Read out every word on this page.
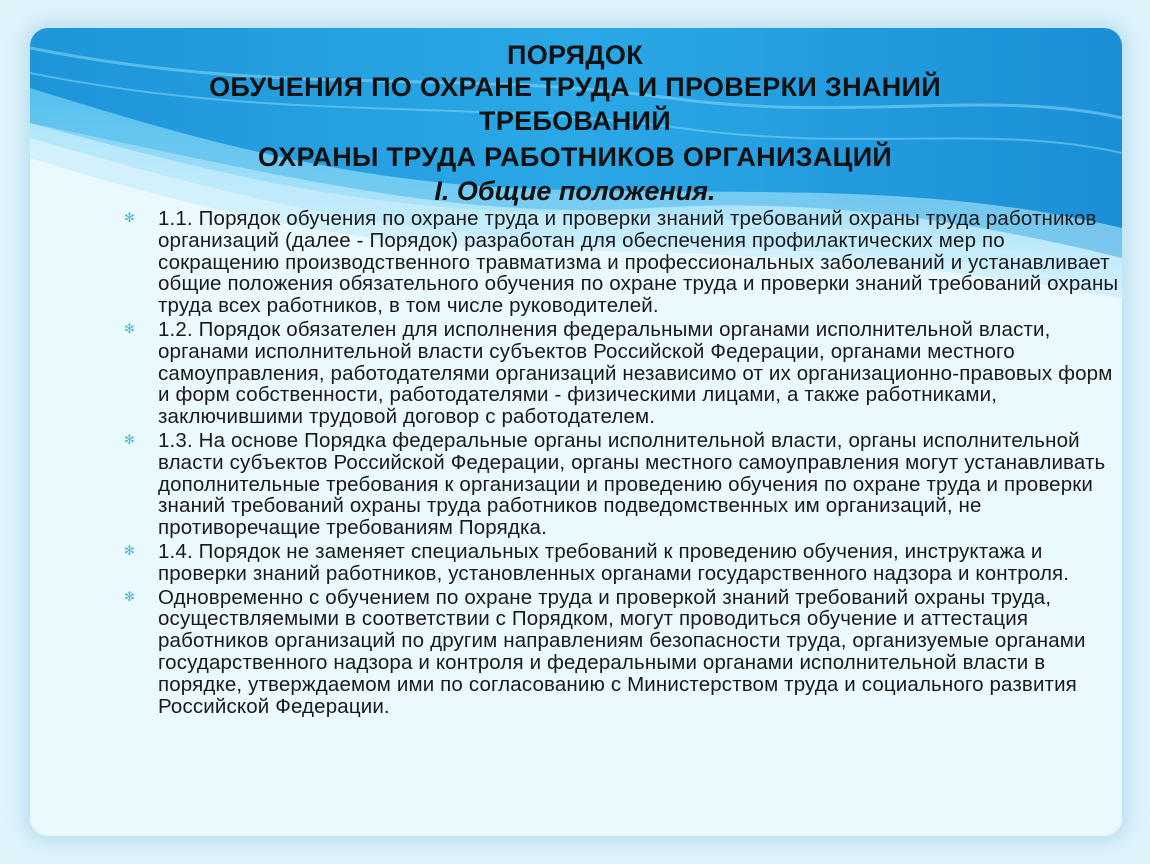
ПОРЯДОК
ОБУЧЕНИЯ ПО ОХРАНЕ ТРУДА И ПРОВЕРКИ ЗНАНИЙ
ТРЕБОВАНИЙ
ОХРАНЫ ТРУДА РАБОТНИКОВ ОРГАНИЗАЦИЙ
I. Общие положения.
✻ 1.1. Порядок обучения по охране труда и проверки знаний требований охраны труда работников организаций (далее - Порядок) разработан для обеспечения профилактических мер по сокращению производственного травматизма и профессиональных заболеваний и устанавливает общие положения обязательного обучения по охране труда и проверки знаний требований охраны труда всех работников, в том числе руководителей.
✻ 1.2. Порядок обязателен для исполнения федеральными органами исполнительной власти, органами исполнительной власти субъектов Российской Федерации, органами местного самоуправления, работодателями организаций независимо от их организационно-правовых форм и форм собственности, работодателями - физическими лицами, а также работниками, заключившими трудовой договор с работодателем.
✻ 1.3. На основе Порядка федеральные органы исполнительной власти, органы исполнительной власти субъектов Российской Федерации, органы местного самоуправления могут устанавливать дополнительные требования к организации и проведению обучения по охране труда и проверки знаний требований охраны труда работников подведомственных им организаций, не противоречащие требованиям Порядка.
✻ 1.4. Порядок не заменяет специальных требований к проведению обучения, инструктажа и проверки знаний работников, установленных органами государственного надзора и контроля.
✻ Одновременно с обучением по охране труда и проверкой знаний требований охраны труда, осуществляемыми в соответствии с Порядком, могут проводиться обучение и аттестация работников организаций по другим направлениям безопасности труда, организуемые органами государственного надзора и контроля и федеральными органами исполнительной власти в порядке, утверждаемом ими по согласованию с Министерством труда и социального развития Российской Федерации.
